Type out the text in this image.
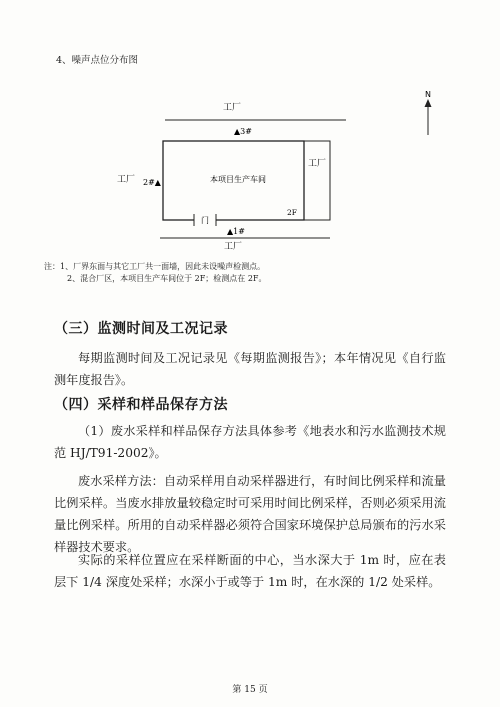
4、噪声点位分布图
N
工厂
本项目生产车间
▲3#
2#▲
2F
门
工厂
工厂
▲1#
工厂
注：1、厂界东面与其它工厂共一面墙，因此未设噪声检测点。
2、混合厂区，本项目生产车间位于 2F；检测点在 2F。
（三）监测时间及工况记录
每期监测时间及工况记录见《每期监测报告》；本年情况见《自行监测年度报告》。
（四）采样和样品保存方法
（1）废水采样和样品保存方法具体参考《地表水和污水监测技术规范 HJ/T91-2002》。
废水采样方法：自动采样用自动采样器进行，有时间比例采样和流量比例采样。当废水排放量较稳定时可采用时间比例采样，否则必须采用流量比例采样。所用的自动采样器必须符合国家环境保护总局颁布的污水采样器技术要求。
实际的采样位置应在采样断面的中心，当水深大于 1m 时，应在表层下 1/4 深度处采样；水深小于或等于 1m 时，在水深的 1/2 处采样。
第 15 页
